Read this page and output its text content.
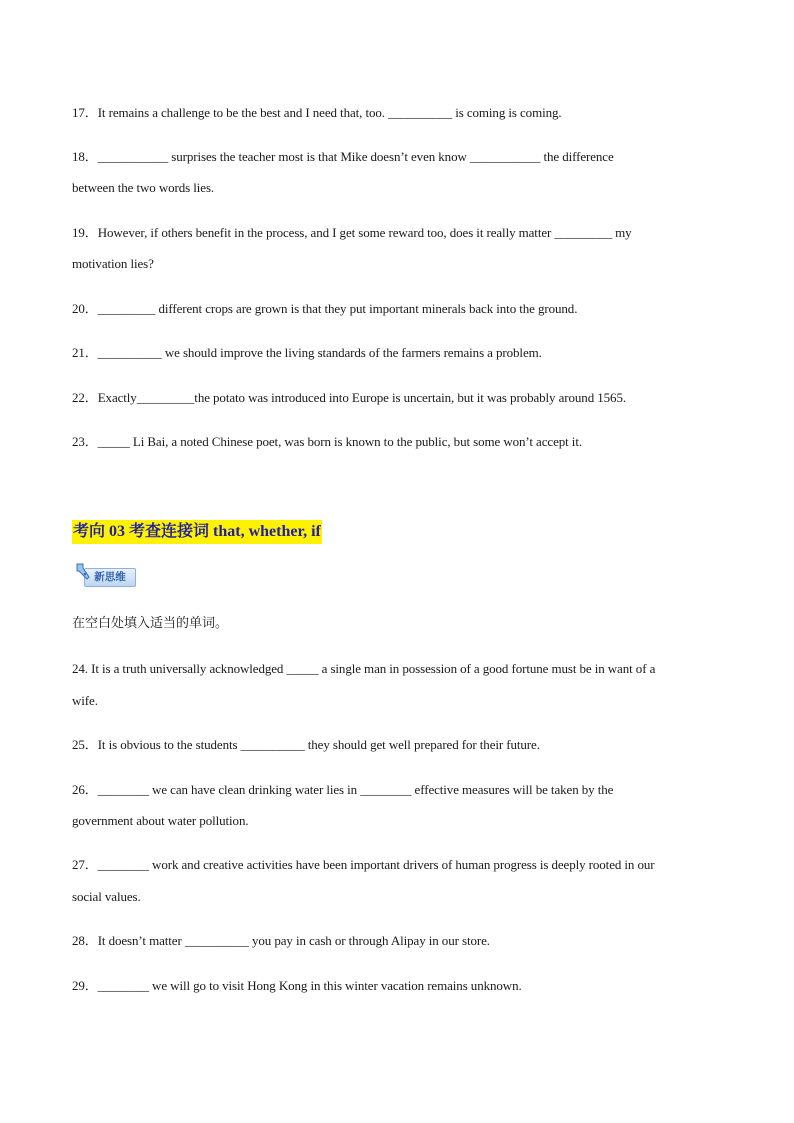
17．It remains a challenge to be the best and I need that, too. __________ is coming is coming.
18．___________ surprises the teacher most is that Mike doesn’t even know ___________ the difference
between the two words lies.
19．However, if others benefit in the process, and I get some reward too, does it really matter _________ my
motivation lies?
20．_________ different crops are grown is that they put important minerals back into the ground.
21．__________ we should improve the living standards of the farmers remains a problem.
22．Exactly_________the potato was introduced into Europe is uncertain, but it was probably around 1565.
23．_____ Li Bai, a noted Chinese poet, was born is known to the public, but some won’t accept it.
考向 03 考查连接词 that, whether, if
新思维
在空白处填入适当的单词。
24. It is a truth universally acknowledged _____ a single man in possession of a good fortune must be in want of a
wife.
25．It is obvious to the students __________ they should get well prepared for their future.
26．________ we can have clean drinking water lies in ________ effective measures will be taken by the
government about water pollution.
27．________ work and creative activities have been important drivers of human progress is deeply rooted in our
social values.
28．It doesn’t matter __________ you pay in cash or through Alipay in our store.
29．________ we will go to visit Hong Kong in this winter vacation remains unknown.
